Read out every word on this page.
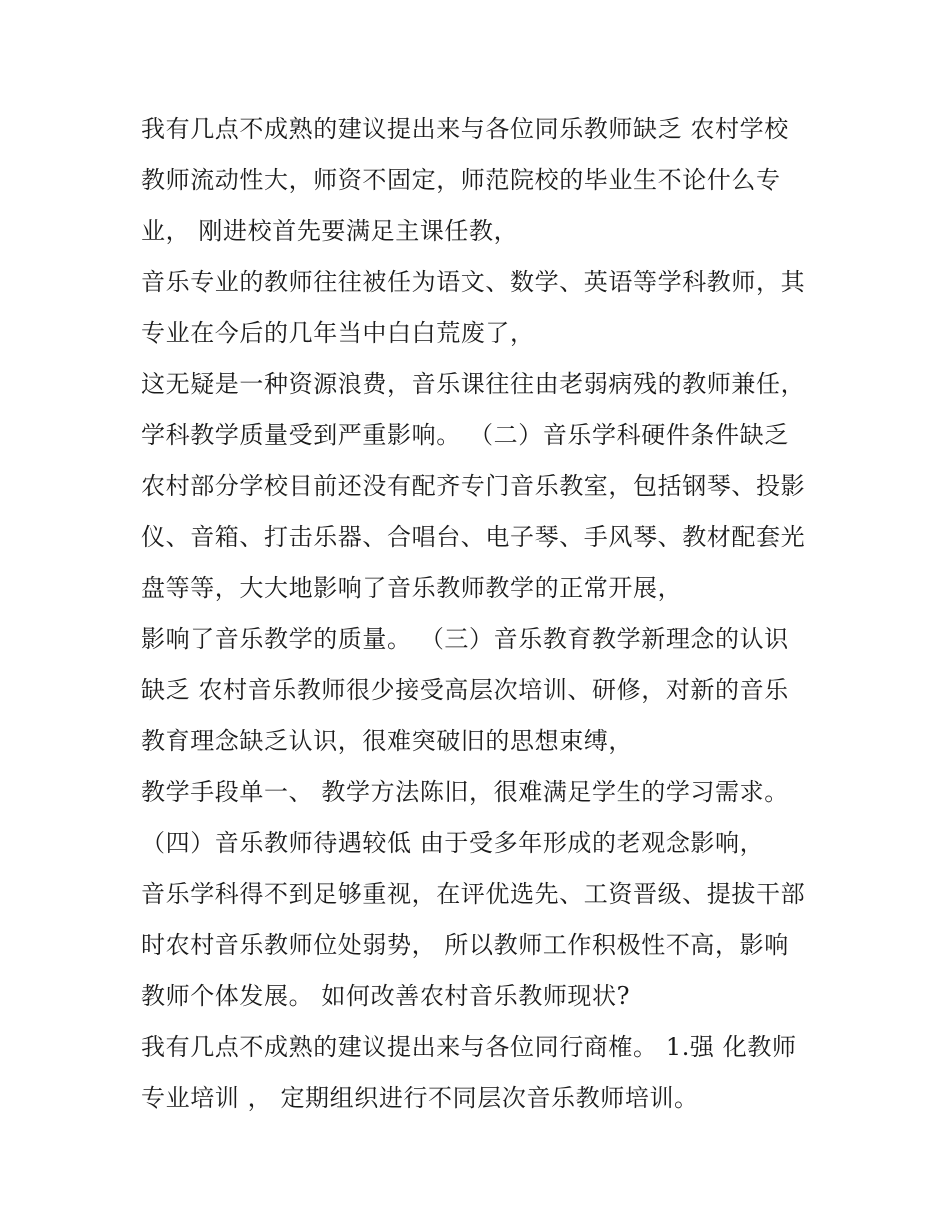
我有几点不成熟的建议提出来与各位同乐教师缺乏 农村学校
教师流动性大，师资不固定，师范院校的毕业生不论什么专
业， 刚进校首先要满足主课任教，
音乐专业的教师往往被任为语文、数学、英语等学科教师，其
专业在今后的几年当中白白荒废了，
这无疑是一种资源浪费，音乐课往往由老弱病残的教师兼任，
学科教学质量受到严重影响。 （二）音乐学科硬件条件缺乏
农村部分学校目前还没有配齐专门音乐教室，包括钢琴、投影
仪、音箱、打击乐器、合唱台、电子琴、手风琴、教材配套光
盘等等，大大地影响了音乐教师教学的正常开展，
影响了音乐教学的质量。 （三）音乐教育教学新理念的认识
缺乏 农村音乐教师很少接受高层次培训、研修，对新的音乐
教育理念缺乏认识，很难突破旧的思想束缚，
教学手段单一、 教学方法陈旧，很难满足学生的学习需求。
（四）音乐教师待遇较低 由于受多年形成的老观念影响，
音乐学科得不到足够重视，在评优选先、工资晋级、提拔干部
时农村音乐教师位处弱势， 所以教师工作积极性不高，影响
教师个体发展。 如何改善农村音乐教师现状?
我有几点不成熟的建议提出来与各位同行商榷。 1.强 化教师
专业培训 ， 定期组织进行不同层次音乐教师培训。
